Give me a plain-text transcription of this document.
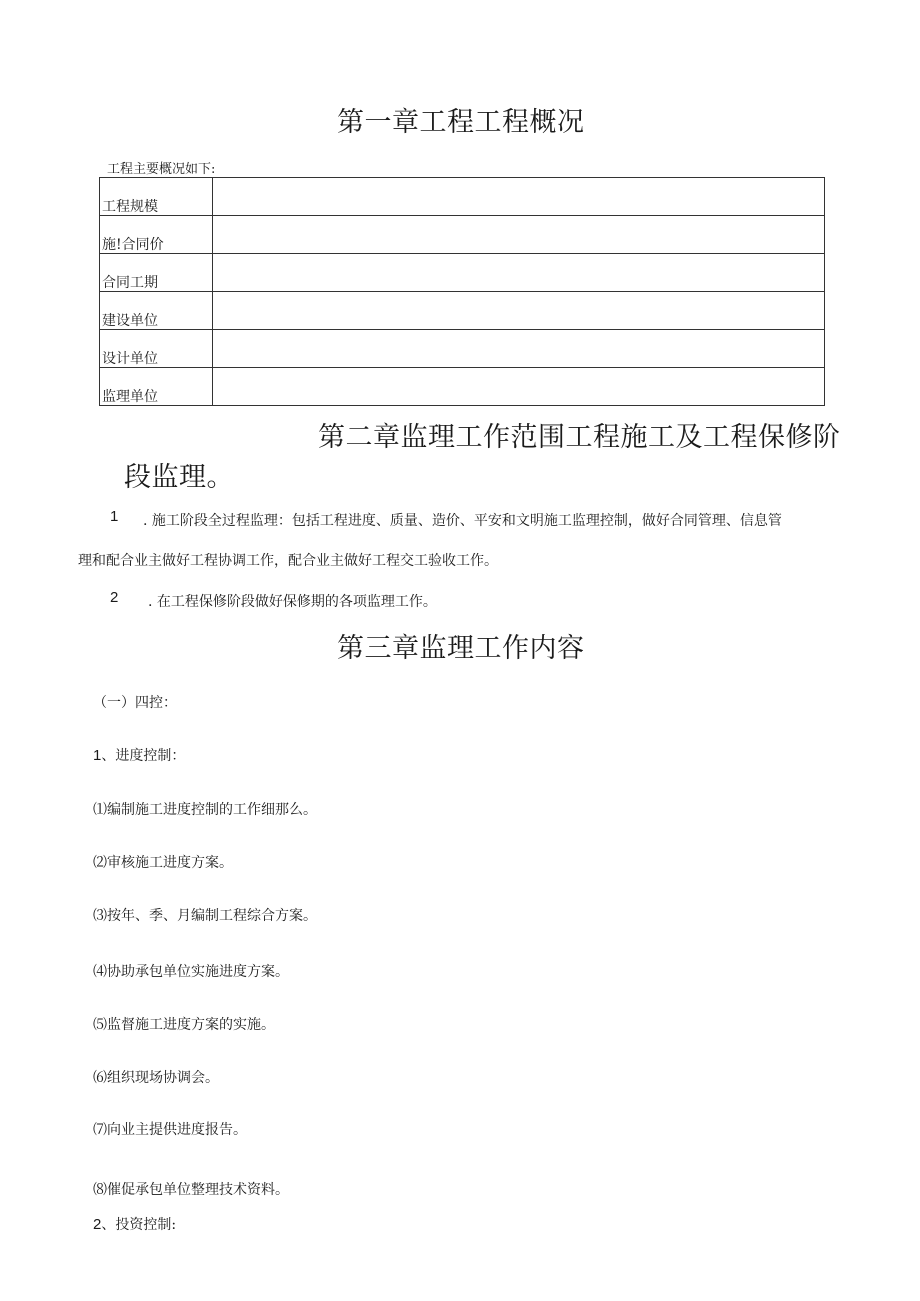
第一章工程工程概况
工程主要概况如下:
工程规模	
施!合同价	
合同工期	
建设单位	
设计单位	
监理单位	
第二章监理工作范围工程施工及工程保修阶
段监理。
1 . 施工阶段全过程监理：包括工程进度、质量、造价、平安和文明施工监理控制，做好合同管理、信息管
理和配合业主做好工程协调工作，配合业主做好工程交工验收工作。
2 . 在工程保修阶段做好保修期的各项监理工作。
第三章监理工作内容
（一）四控：
1、进度控制：
⑴编制施工进度控制的工作细那么。
⑵审核施工进度方案。
⑶按年、季、月编制工程综合方案。
⑷协助承包单位实施进度方案。
⑸监督施工进度方案的实施。
⑹组织现场协调会。
⑺向业主提供进度报告。
⑻催促承包单位整理技术资料。
2、投资控制:
